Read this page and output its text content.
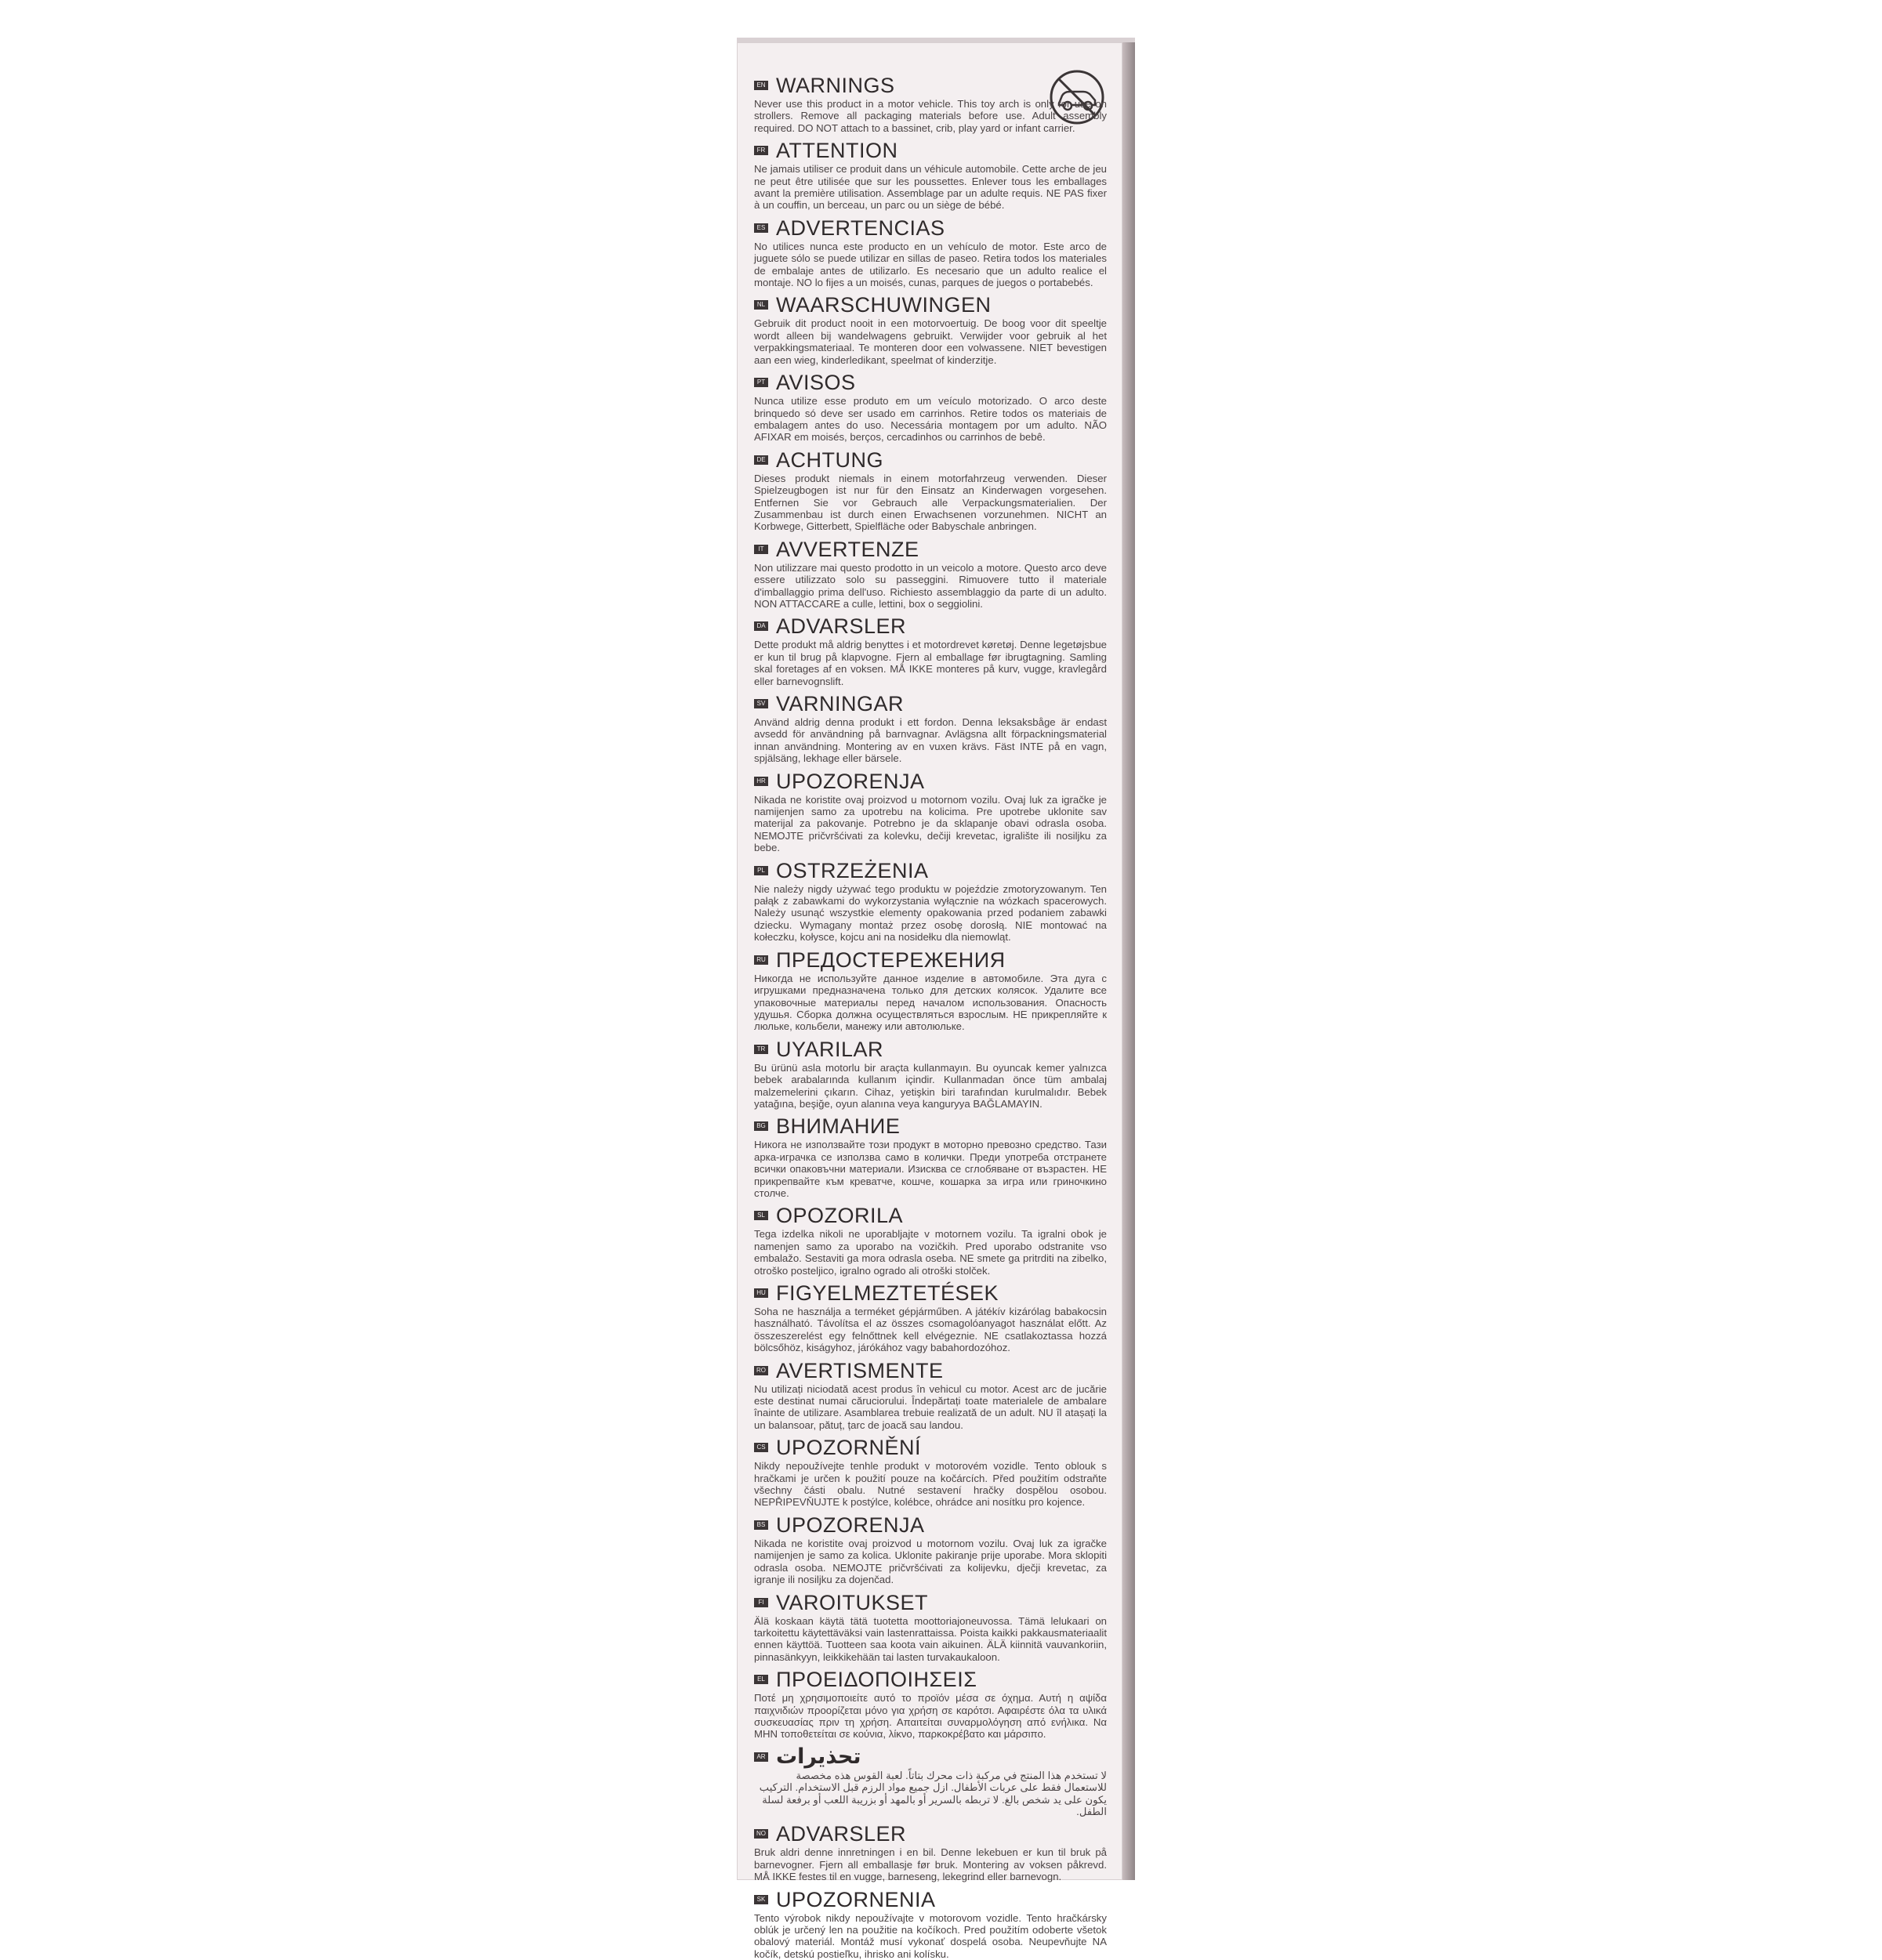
EN WARNINGS
Never use this product in a motor vehicle. This toy arch is only for use on strollers. Remove all packaging materials before use. Adult assembly required. DO NOT attach to a bassinet, crib, play yard or infant carrier.
FR ATTENTION
Ne jamais utiliser ce produit dans un véhicule automobile. Cette arche de jeu ne peut être utilisée que sur les poussettes. Enlever tous les emballages avant la première utilisation. Assemblage par un adulte requis. NE PAS fixer à un couffin, un berceau, un parc ou un siège de bébé.
ES ADVERTENCIAS
No utilices nunca este producto en un vehículo de motor. Este arco de juguete sólo se puede utilizar en sillas de paseo. Retira todos los materiales de embalaje antes de utilizarlo. Es necesario que un adulto realice el montaje. NO lo fijes a un moisés, cunas, parques de juegos o portabebés.
NL WAARSCHUWINGEN
Gebruik dit product nooit in een motorvoertuig. De boog voor dit speeltje wordt alleen bij wandelwagens gebruikt. Verwijder voor gebruik al het verpakkingsmateriaal. Te monteren door een volwassene. NIET bevestigen aan een wieg, kinderledikant, speelmat of kinderzitje.
PT AVISOS
Nunca utilize esse produto em um veículo motorizado. O arco deste brinquedo só deve ser usado em carrinhos. Retire todos os materiais de embalagem antes do uso. Necessária montagem por um adulto. NÃO AFIXAR em moisés, berços, cercadinhos ou carrinhos de bebê.
DE ACHTUNG
Dieses produkt niemals in einem motorfahrzeug verwenden. Dieser Spielzeugbogen ist nur für den Einsatz an Kinderwagen vorgesehen. Entfernen Sie vor Gebrauch alle Verpackungsmaterialien. Der Zusammenbau ist durch einen Erwachsenen vorzunehmen. NICHT an Korbwege, Gitterbett, Spielfläche oder Babyschale anbringen.
IT AVVERTENZE
Non utilizzare mai questo prodotto in un veicolo a motore. Questo arco deve essere utilizzato solo su passeggini. Rimuovere tutto il materiale d'imballaggio prima dell'uso. Richiesto assemblaggio da parte di un adulto. NON ATTACCARE a culle, lettini, box o seggiolini.
DA ADVARSLER
Dette produkt må aldrig benyttes i et motordrevet køretøj. Denne legetøjsbue er kun til brug på klapvogne. Fjern al emballage før ibrugtagning. Samling skal foretages af en voksen. MÅ IKKE monteres på kurv, vugge, kravlegård eller barnevognslift.
SV VARNINGAR
Använd aldrig denna produkt i ett fordon. Denna leksaksbåge är endast avsedd för användning på barnvagnar. Avlägsna allt förpackningsmaterial innan användning. Montering av en vuxen krävs. Fäst INTE på en vagn, spjälsäng, lekhage eller bärsele.
HR UPOZORENJA
Nikada ne koristite ovaj proizvod u motornom vozilu. Ovaj luk za igračke je namijenjen samo za upotrebu na kolicima. Pre upotrebe uklonite sav materijal za pakovanje. Potrebno je da sklapanje obavi odrasla osoba. NEMOJTE pričvršćivati za kolevku, dečiji krevetac, igralište ili nosiljku za bebe.
PL OSTRZEŻENIA
Nie należy nigdy używać tego produktu w pojeździe zmotoryzowanym. Ten pałąk z zabawkami do wykorzystania wyłącznie na wózkach spacerowych. Należy usunąć wszystkie elementy opakowania przed podaniem zabawki dziecku. Wymagany montaż przez osobę dorosłą. NIE montować na kołeczku, kołysce, kojcu ani na nosidełku dla niemowląt.
RU ПРЕДОСТЕРЕЖЕНИЯ
Никогда не используйте данное изделие в автомобиле. Эта дуга с игрушками предназначена только для детских колясок. Удалите все упаковочные материалы перед началом использования. Опасность удушья. Сборка должна осуществляться взрослым. НЕ прикрепляйте к люльке, кольбели, манежу или автолюльке.
TR UYARILAR
Bu ürünü asla motorlu bir araçta kullanmayın. Bu oyuncak kemer yalnızca bebek arabalarında kullanım içindir. Kullanmadan önce tüm ambalaj malzemelerini çıkarın. Cihaz, yetişkin biri tarafından kurulmalıdır. Bebek yatağına, beşiğe, oyun alanına veya kangurуya BAĞLAMAYIN.
BG ВНИМАНИЕ
Никога не използвайте този продукт в моторно превозно средство. Тази арка-играчка се използва само в колички. Преди употреба отстранете всички опаковъчни материали. Изисква се сглобяване от възрастен. НЕ прикрепвайте към креватче, кошче, кошарка за игра или гриночкино столче.
SL OPOZORILA
Tega izdelka nikoli ne uporabljajte v motornem vozilu. Ta igralni obok je namenjen samo za uporabo na vozičkih. Pred uporabo odstranite vso embalažo. Sestaviti ga mora odrasla oseba. NE smete ga pritrditi na zibelko, otroško posteljico, igralno ogrado ali otroški stolček.
HU FIGYELMEZTETÉSEK
Soha ne használja a terméket gépjárműben. A játékív kizárólag babakocsin használható. Távolítsa el az összes csomagolóanyagot használat előtt. Az összeszerelést egy felnőttnek kell elvégeznie. NE csatlakoztassa hozzá bölcsőhöz, kiságyhoz, járókához vagy babahordozóhoz.
RO AVERTISMENTE
Nu utilizați niciodată acest produs în vehicul cu motor. Acest arc de jucărie este destinat numai cărucioruluі. Îndepărtați toate materialele de ambalare înainte de utilizare. Asamblarea trebuie realizată de un adult. NU îl atașați la un balansoar, pătuț, țarc de joacă sau landou.
CS UPOZORNĚNÍ
Nikdy nepoužívejte tenhle produkt v motorovém vozidle. Tento oblouk s hračkami je určen k použití pouze na kočárcích. Před použitím odstraňte všechny části obalu. Nutné sestavení hračky dospělou osobou. NEPŘIPEVŇUJTE k postýlce, kolébce, ohrádce ani nosítku pro kojence.
BS UPOZORENJA
Nikada ne koristite ovaj proizvod u motornom vozilu. Ovaj luk za igračke namijenjen je samo za kolica. Uklonite pakiranje prije uporabe. Mora sklopiti odrasla osoba. NEMOJTE pričvršćivati za kolijevku, dječji krevetac, za igranje ili nosiljku za dojenčad.
FI VAROITUKSET
Älä koskaan käytä tätä tuotetta moottoriajoneuvossa. Tämä lelukaari on tarkoitettu käytettäväksi vain lastenrattaissa. Poista kaikki pakkausmateriaalit ennen käyttöä. Tuotteen saa koota vain aikuinen. ÄLÄ kiinnitä vauvankoriin, pinnasänkyyn, leikkikehään tai lasten turvakaukaloon.
EL ΠΡΟΕΙΔΟΠΟΙΗΣΕΙΣ
Ποτέ μη χρησιμοποιείτε αυτό το προϊόν μέσα σε όχημα. Αυτή η αψίδα παιχνιδιών προορίζεται μόνο για χρήση σε καρότσι. Αφαιρέστε όλα τα υλικά συσκευασίας πριν τη χρήση. Απαιτείται συναρμολόγηση από ενήλικα. Να ΜΗΝ τοποθετείται σε κούνια, λίκνο, παρκοκρέβατο και μάρσιπο.
AR تحذيرات
لا تستخدم هذا المنتج في مركبة ذات محرك بتاتاً. لعبة القوس هذه مخصصة للاستعمال فقط على عربات الأطفال. ازل جميع مواد الرزم قبل الاستخدام. التركيب يكون على يد شخص بالغ. لا تربطه بالسرير أو بالمهد أو بزريبة اللعب أو برفعة لسلة الطفل.
NO ADVARSLER
Bruk aldri denne innretningen i en bil. Denne lekebuen er kun til bruk på barnevogner. Fjern all emballasje før bruk. Montering av voksen påkrevd. MÅ IKKE festes til en vugge, barneseng, lekegrind eller barnevogn.
SK UPOZORNENIA
Tento výrobok nikdy nepoužívajte v motorovom vozidle. Tento hračkársky oblúk je určený len na použitie na kočíkoch. Pred použitím odoberte všetok obalový materiál. Montáž musí vykonať dospelá osoba. Neupevňujte NA kočík, detskú postieľku, ihrisko ani kolísku.
